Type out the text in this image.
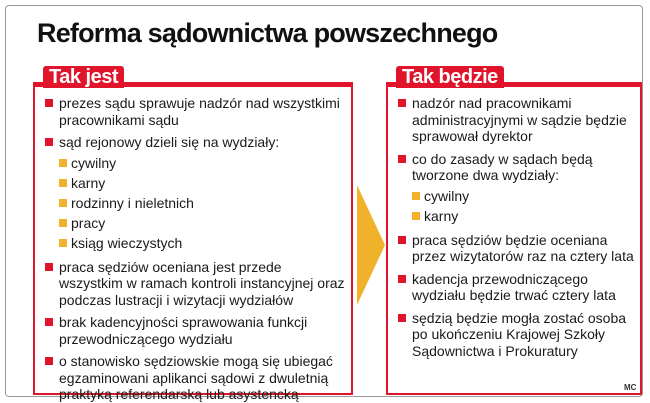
Reforma sądownictwa powszechnego
Tak jest
prezes sądu sprawuje nadzór nad wszystkimi pracownikami sądu
sąd rejonowy dzieli się na wydziały:
cywilny
karny
rodzinny i nieletnich
pracy
ksiąg wieczystych
praca sędziów oceniana jest przede wszystkim w ramach kontroli instancyjnej oraz podczas lustracji i wizytacji wydziałów
brak kadencyjności sprawowania funkcji przewodniczącego wydziału
o stanowisko sędziowskie mogą się ubiegać egzaminowani aplikanci sądowi z dwuletnią praktyką referendarską lub asystencką
Tak będzie
nadzór nad pracownikami administracyjnymi w sądzie będzie sprawował dyrektor
co do zasady w sądach będą tworzone dwa wydziały:
cywilny
karny
praca sędziów będzie oceniana przez wizytatorów raz na cztery lata
kadencja przewodniczącego wydziału będzie trwać cztery lata
sędzią będzie mogła zostać osoba po ukończeniu Krajowej Szkoły Sądownictwa i Prokuratury
MC
